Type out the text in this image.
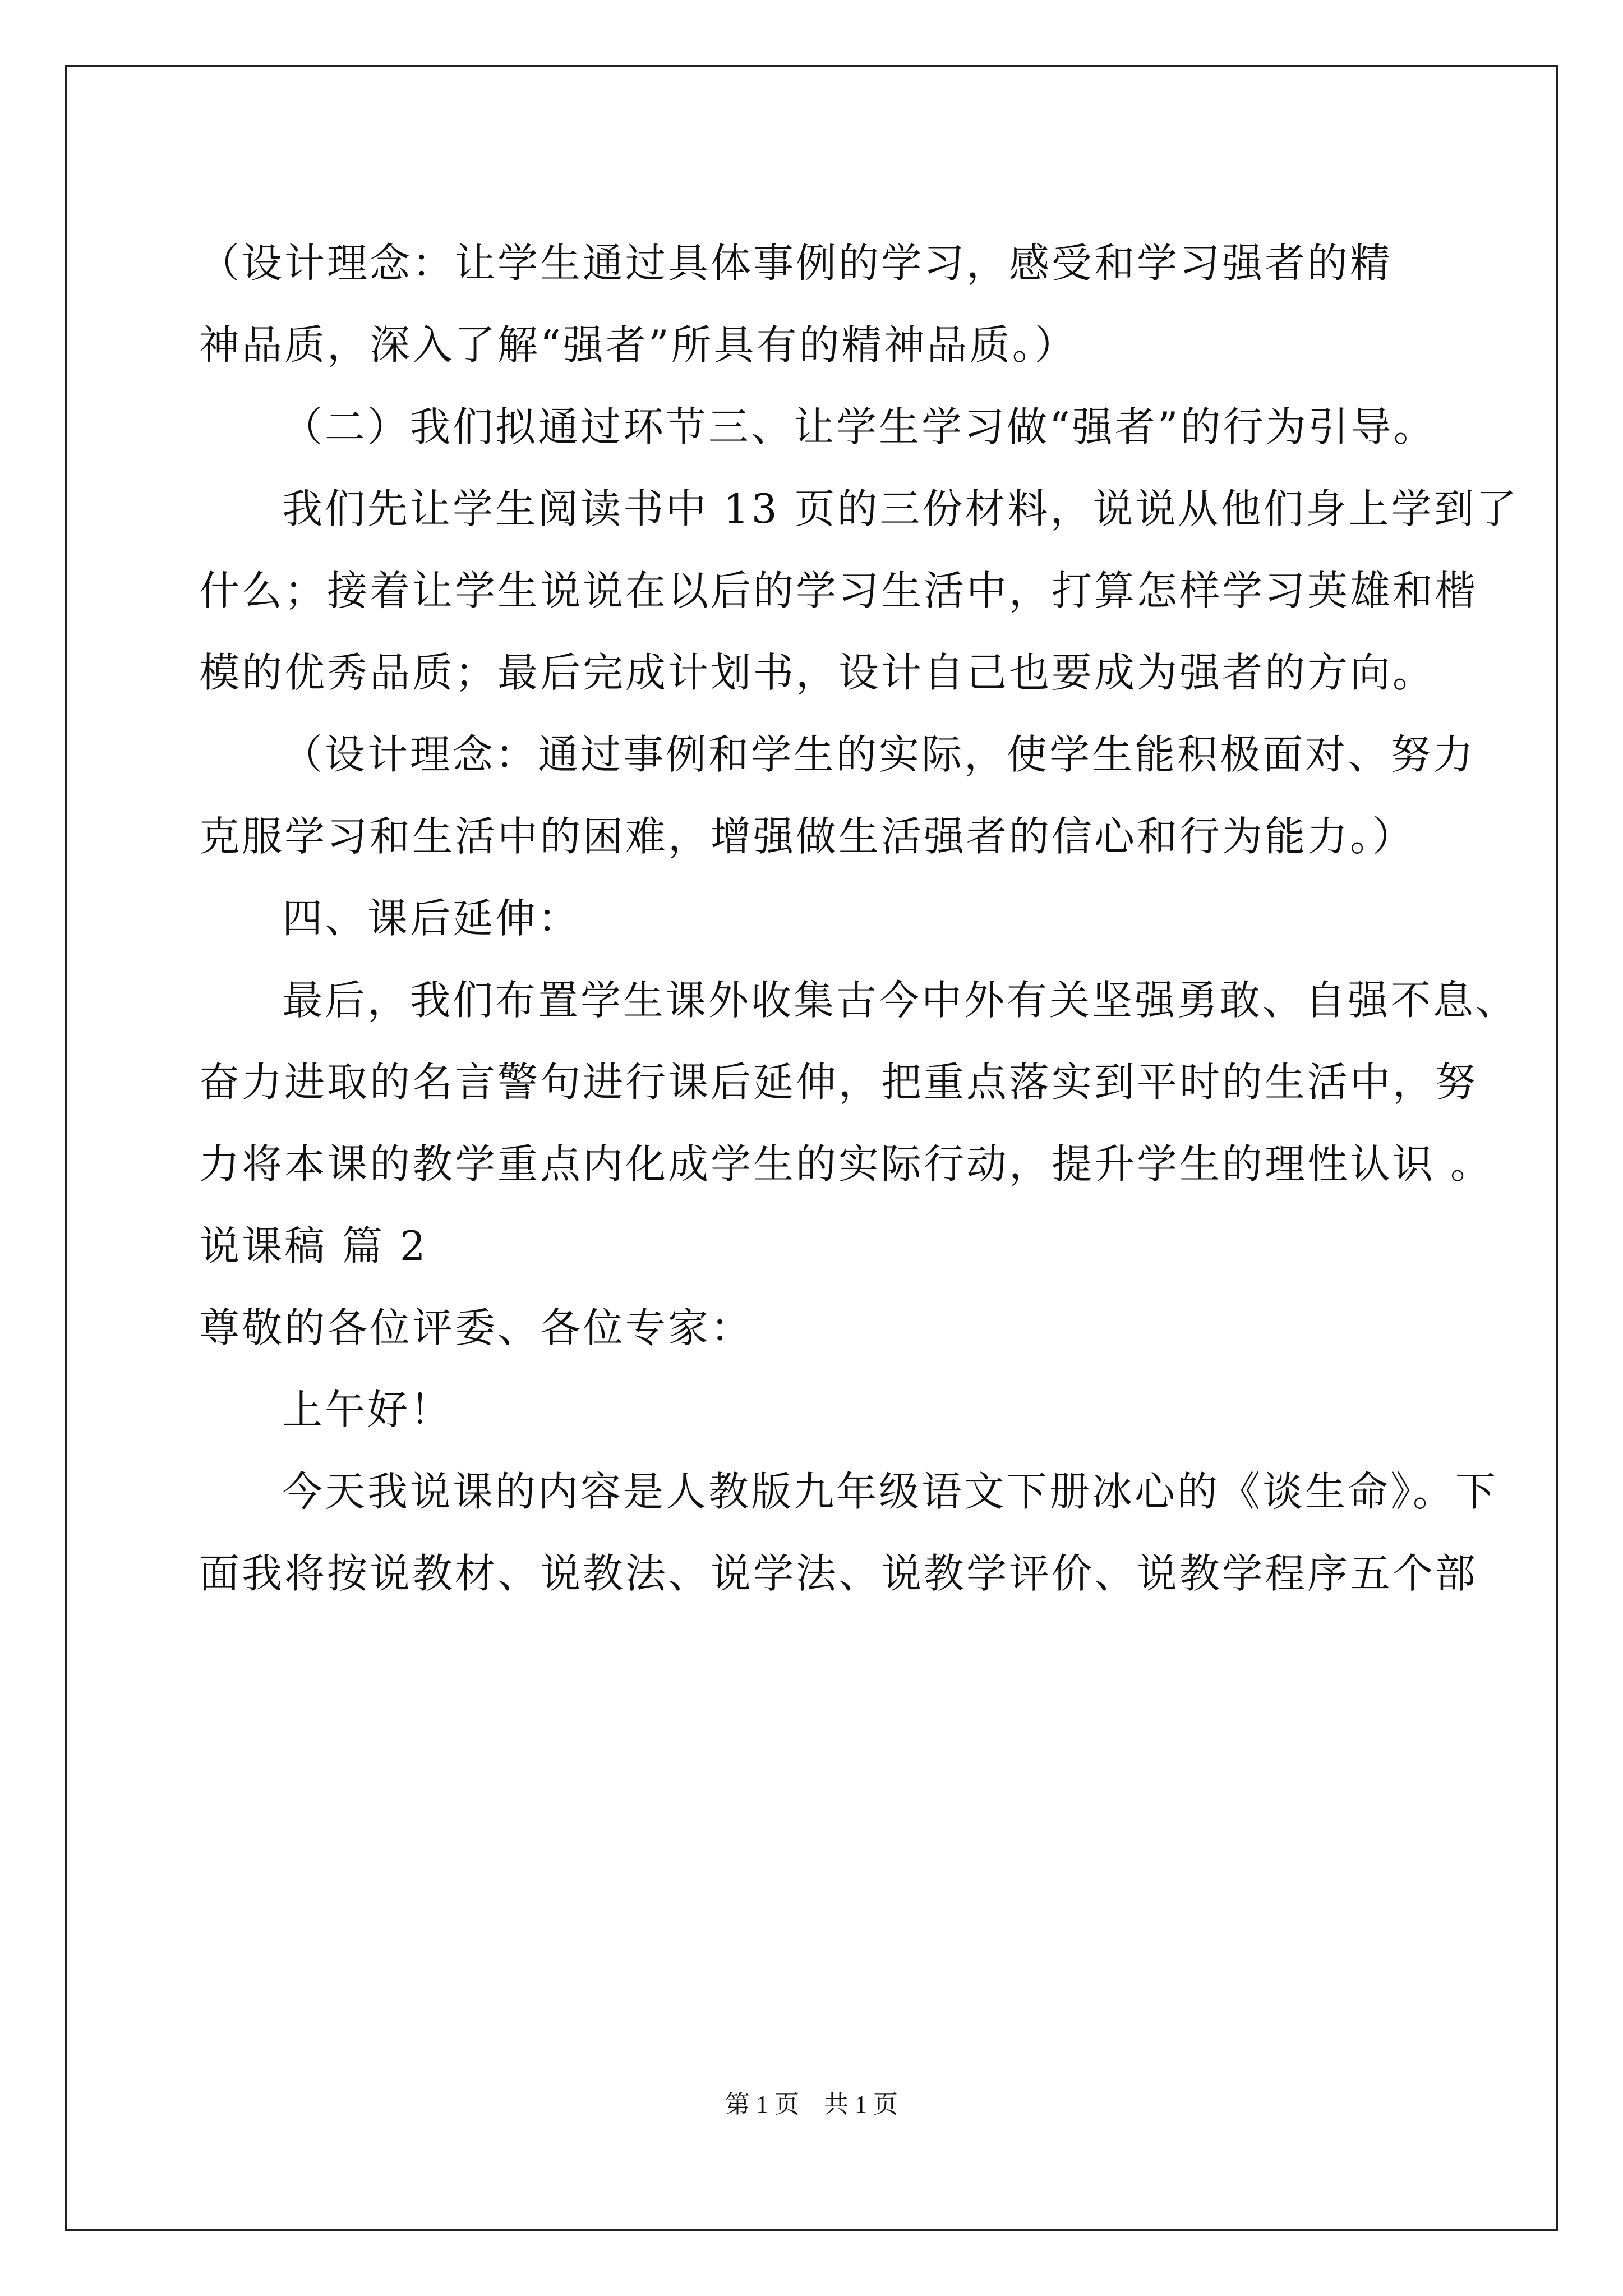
（设计理念：让学生通过具体事例的学习，感受和学习强者的精
神品质，深入了解“强者”所具有的精神品质。）
（二）我们拟通过环节三、让学生学习做“强者”的行为引导。
我们先让学生阅读书中 13 页的三份材料，说说从他们身上学到了
什么；接着让学生说说在以后的学习生活中，打算怎样学习英雄和楷
模的优秀品质；最后完成计划书，设计自己也要成为强者的方向。
（设计理念：通过事例和学生的实际，使学生能积极面对、努力
克服学习和生活中的困难，增强做生活强者的信心和行为能力。）
四、课后延伸：
最后，我们布置学生课外收集古今中外有关坚强勇敢、自强不息、
奋力进取的名言警句进行课后延伸，把重点落实到平时的生活中，努
力将本课的教学重点内化成学生的实际行动，提升学生的理性认识 。
说课稿 篇 2
尊敬的各位评委、各位专家：
上午好！
今天我说课的内容是人教版九年级语文下册冰心的《谈生命》。下
面我将按说教材、说教法、说学法、说教学评价、说教学程序五个部
第 1 页　共 1 页
